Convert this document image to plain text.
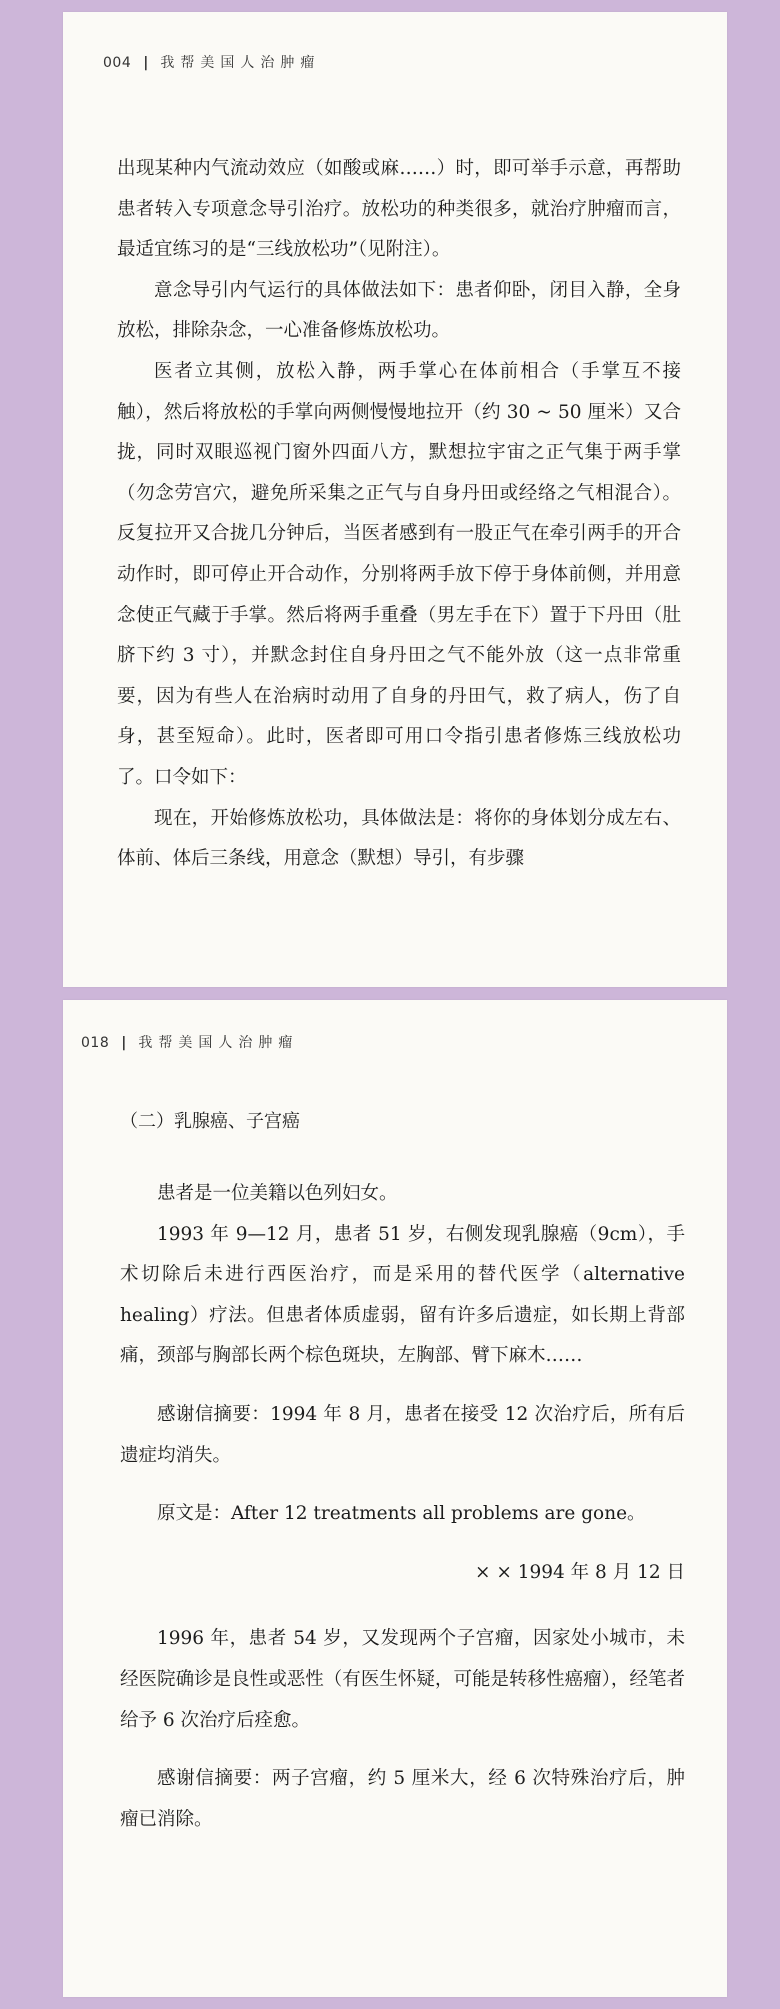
004 | 我帮美国人治肿瘤

出现某种内气流动效应（如酸或麻……）时，即可举手示意，再帮助患者转入专项意念导引治疗。放松功的种类很多，就治疗肿瘤而言，最适宜练习的是“三线放松功”（见附注）。

意念导引内气运行的具体做法如下：患者仰卧，闭目入静，全身放松，排除杂念，一心准备修炼放松功。

医者立其侧，放松入静，两手掌心在体前相合（手掌互不接触），然后将放松的手掌向两侧慢慢地拉开（约 30 ~ 50 厘米）又合拢，同时双眼巡视门窗外四面八方，默想拉宇宙之正气集于两手掌（勿念劳宫穴，避免所采集之正气与自身丹田或经络之气相混合）。反复拉开又合拢几分钟后，当医者感到有一股正气在牵引两手的开合动作时，即可停止开合动作，分别将两手放下停于身体前侧，并用意念使正气藏于手掌。然后将两手重叠（男左手在下）置于下丹田（肚脐下约 3 寸），并默念封住自身丹田之气不能外放（这一点非常重要，因为有些人在治病时动用了自身的丹田气，救了病人，伤了自身，甚至短命）。此时，医者即可用口令指引患者修炼三线放松功了。口令如下：

现在，开始修炼放松功，具体做法是：将你的身体划分成左右、体前、体后三条线，用意念（默想）导引，有步骤

018 | 我帮美国人治肿瘤

（二）乳腺癌、子宫癌

患者是一位美籍以色列妇女。

1993 年 9—12 月，患者 51 岁，右侧发现乳腺癌（9cm），手术切除后未进行西医治疗，而是采用的替代医学（alternative healing）疗法。但患者体质虚弱，留有许多后遗症，如长期上背部痛，颈部与胸部长两个棕色斑块，左胸部、臂下麻木……

感谢信摘要：1994 年 8 月，患者在接受 12 次治疗后，所有后遗症均消失。

原文是：After 12 treatments all problems are gone。

× × 1994 年 8 月 12 日

1996 年，患者 54 岁，又发现两个子宫瘤，因家处小城市，未经医院确诊是良性或恶性（有医生怀疑，可能是转移性癌瘤），经笔者给予 6 次治疗后痊愈。

感谢信摘要：两子宫瘤，约 5 厘米大，经 6 次特殊治疗后，肿瘤已消除。
